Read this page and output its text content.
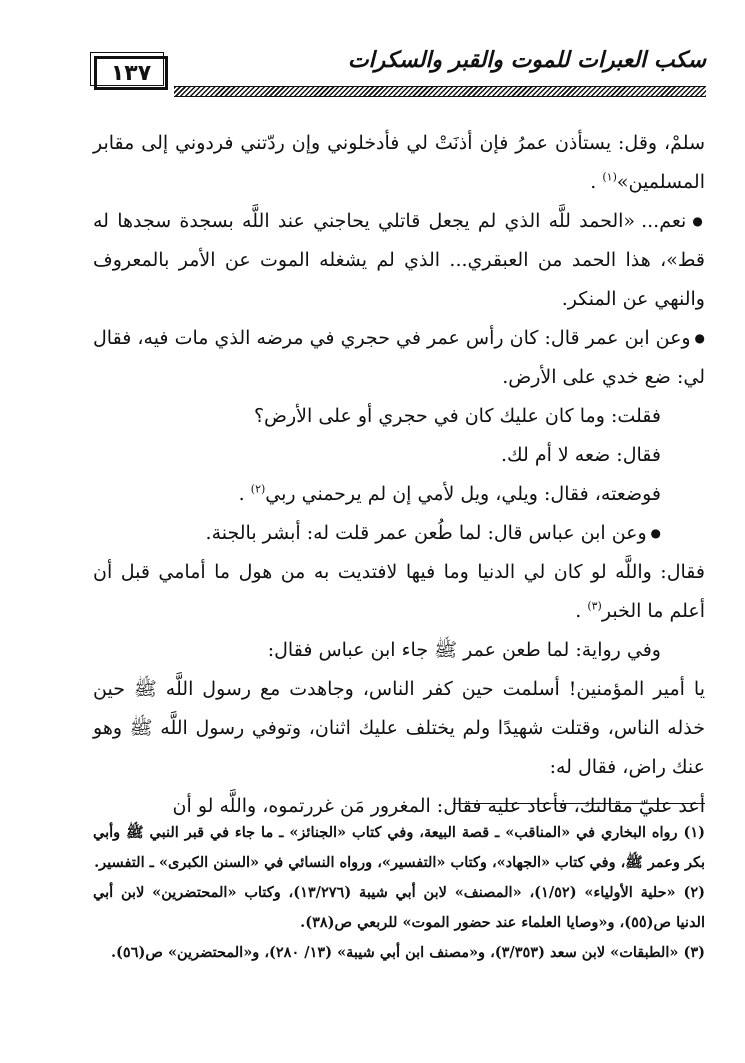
١٣٧	سكب العبرات للموت والقبر والسكرات

سلمْ، وقل: يستأذن عمرُ فإن أذنَتْ لي فأدخلوني وإن ردّتني فردوني إلى مقابر المسلمين»$^{(١)}$ .

● نعم... «الحمد للَّه الذي لم يجعل قاتلي يحاجني عند اللَّه بسجدة سجدها له قط»، هذا الحمد من العبقري... الذي لم يشغله الموت عن الأمر بالمعروف والنهي عن المنكر.

● وعن ابن عمر قال: كان رأس عمر في حجري في مرضه الذي مات فيه، فقال لي: ضع خدي على الأرض.

فقلت: وما كان عليك كان في حجري أو على الأرض؟

فقال: ضعه لا أم لك.

فوضعته، فقال: ويلي، ويل لأمي إن لم يرحمني ربي$^{(٢)}$ .

● وعن ابن عباس قال: لما طُعن عمر قلت له: أبشر بالجنة.

فقال: واللَّه لو كان لي الدنيا وما فيها لافتديت به من هول ما أمامي قبل أن أعلم ما الخبر$^{(٣)}$ .

وفي رواية: لما طعن عمر ﷺ جاء ابن عباس فقال:

يا أمير المؤمنين! أسلمت حين كفر الناس، وجاهدت مع رسول اللَّه ﷺ حين خذله الناس، وقتلت شهيدًا ولم يختلف عليك اثنان، وتوفي رسول اللَّه ﷺ وهو عنك راض، فقال له:

أعد عليّ مقالتك، فأعاد عليه فقال: المغرور مَن غررتموه، واللَّه لو أن

(١) رواه البخاري في «المناقب» ـ قصة البيعة، وفي كتاب «الجنائز» ـ ما جاء في قبر النبي ﷺ وأبي بكر وعمر ﷺ، وفي كتاب «الجهاد»، وكتاب «التفسير»، ورواه النسائي في «السنن الكبرى» ـ التفسير.

(٢) «حلية الأولياء» (١/٥٢)، «المصنف» لابن أبي شيبة (١٣/٢٧٦)، وكتاب «المحتضرين» لابن أبي الدنيا ص(٥٥)، و«وصايا العلماء عند حضور الموت» للربعي ص(٣٨).

(٣) «الطبقات» لابن سعد (٣/٣٥٣)، و«مصنف ابن أبي شيبة» (١٣/ ٢٨٠)، و«المحتضرين» ص(٥٦).
